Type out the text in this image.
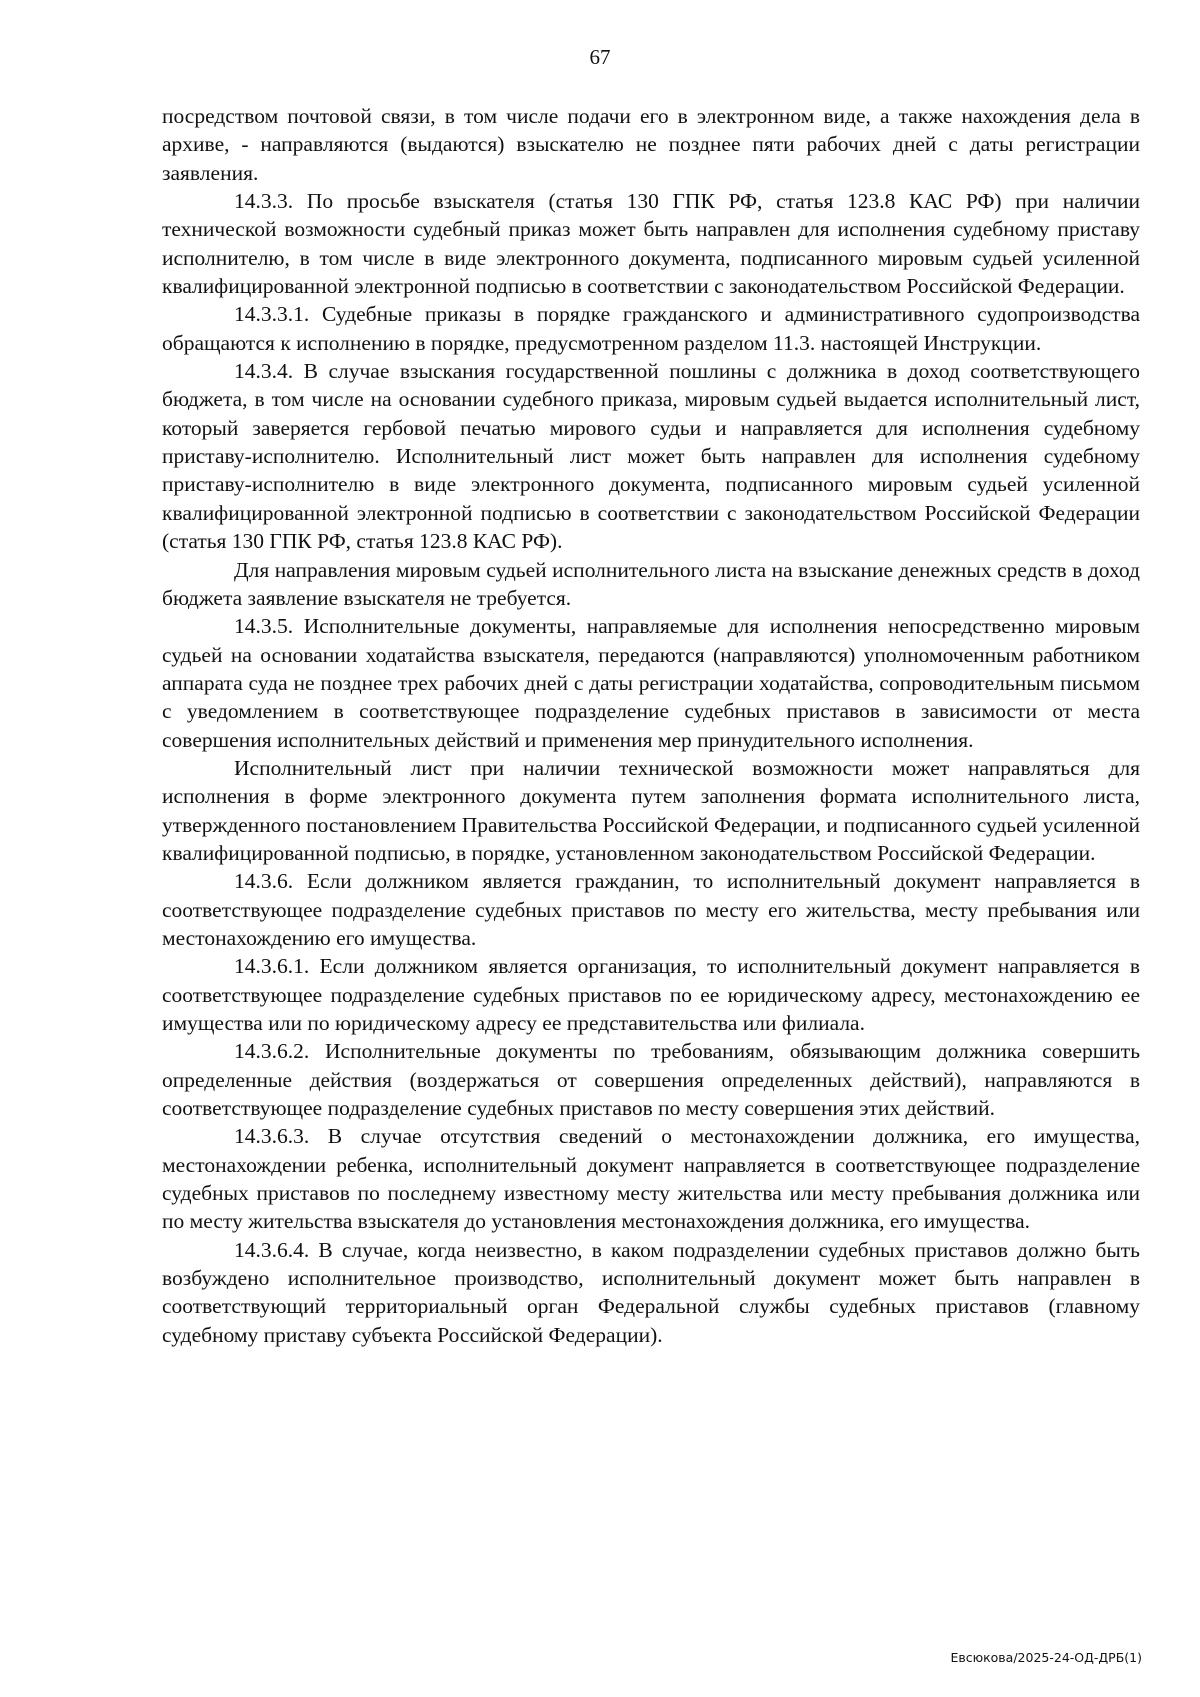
67

посредством почтовой связи, в том числе подачи его в электронном виде, а также нахождения дела в архиве, - направляются (выдаются) взыскателю не позднее пяти рабочих дней с даты регистрации заявления.

14.3.3. По просьбе взыскателя (статья 130 ГПК РФ, статья 123.8 КАС РФ) при наличии технической возможности судебный приказ может быть направлен для исполнения судебному приставу исполнителю, в том числе в виде электронного документа, подписанного мировым судьей усиленной квалифицированной электронной подписью в соответствии с законодательством Российской Федерации.

14.3.3.1. Судебные приказы в порядке гражданского и административного судопроизводства обращаются к исполнению в порядке, предусмотренном разделом 11.3. настоящей Инструкции.

14.3.4. В случае взыскания государственной пошлины с должника в доход соответствующего бюджета, в том числе на основании судебного приказа, мировым судьей выдается исполнительный лист, который заверяется гербовой печатью мирового судьи и направляется для исполнения судебному приставу-исполнителю. Исполнительный лист может быть направлен для исполнения судебному приставу-исполнителю в виде электронного документа, подписанного мировым судьей усиленной квалифицированной электронной подписью в соответствии с законодательством Российской Федерации (статья 130 ГПК РФ, статья 123.8 КАС РФ).

Для направления мировым судьей исполнительного листа на взыскание денежных средств в доход бюджета заявление взыскателя не требуется.

14.3.5. Исполнительные документы, направляемые для исполнения непосредственно мировым судьей на основании ходатайства взыскателя, передаются (направляются) уполномоченным работником аппарата суда не позднее трех рабочих дней с даты регистрации ходатайства, сопроводительным письмом с уведомлением в соответствующее подразделение судебных приставов в зависимости от места совершения исполнительных действий и применения мер принудительного исполнения.

Исполнительный лист при наличии технической возможности может направляться для исполнения в форме электронного документа путем заполнения формата исполнительного листа, утвержденного постановлением Правительства Российской Федерации, и подписанного судьей усиленной квалифицированной подписью, в порядке, установленном законодательством Российской Федерации.

14.3.6. Если должником является гражданин, то исполнительный документ направляется в соответствующее подразделение судебных приставов по месту его жительства, месту пребывания или местонахождению его имущества.

14.3.6.1. Если должником является организация, то исполнительный документ направляется в соответствующее подразделение судебных приставов по ее юридическому адресу, местонахождению ее имущества или по юридическому адресу ее представительства или филиала.

14.3.6.2. Исполнительные документы по требованиям, обязывающим должника совершить определенные действия (воздержаться от совершения определенных действий), направляются в соответствующее подразделение судебных приставов по месту совершения этих действий.

14.3.6.3. В случае отсутствия сведений о местонахождении должника, его имущества, местонахождении ребенка, исполнительный документ направляется в соответствующее подразделение судебных приставов по последнему известному месту жительства или месту пребывания должника или по месту жительства взыскателя до установления местонахождения должника, его имущества.

14.3.6.4. В случае, когда неизвестно, в каком подразделении судебных приставов должно быть возбуждено исполнительное производство, исполнительный документ может быть направлен в соответствующий территориальный орган Федеральной службы судебных приставов (главному судебному приставу субъекта Российской Федерации).

Евсюкова/2025-24-ОД-ДРБ(1)
